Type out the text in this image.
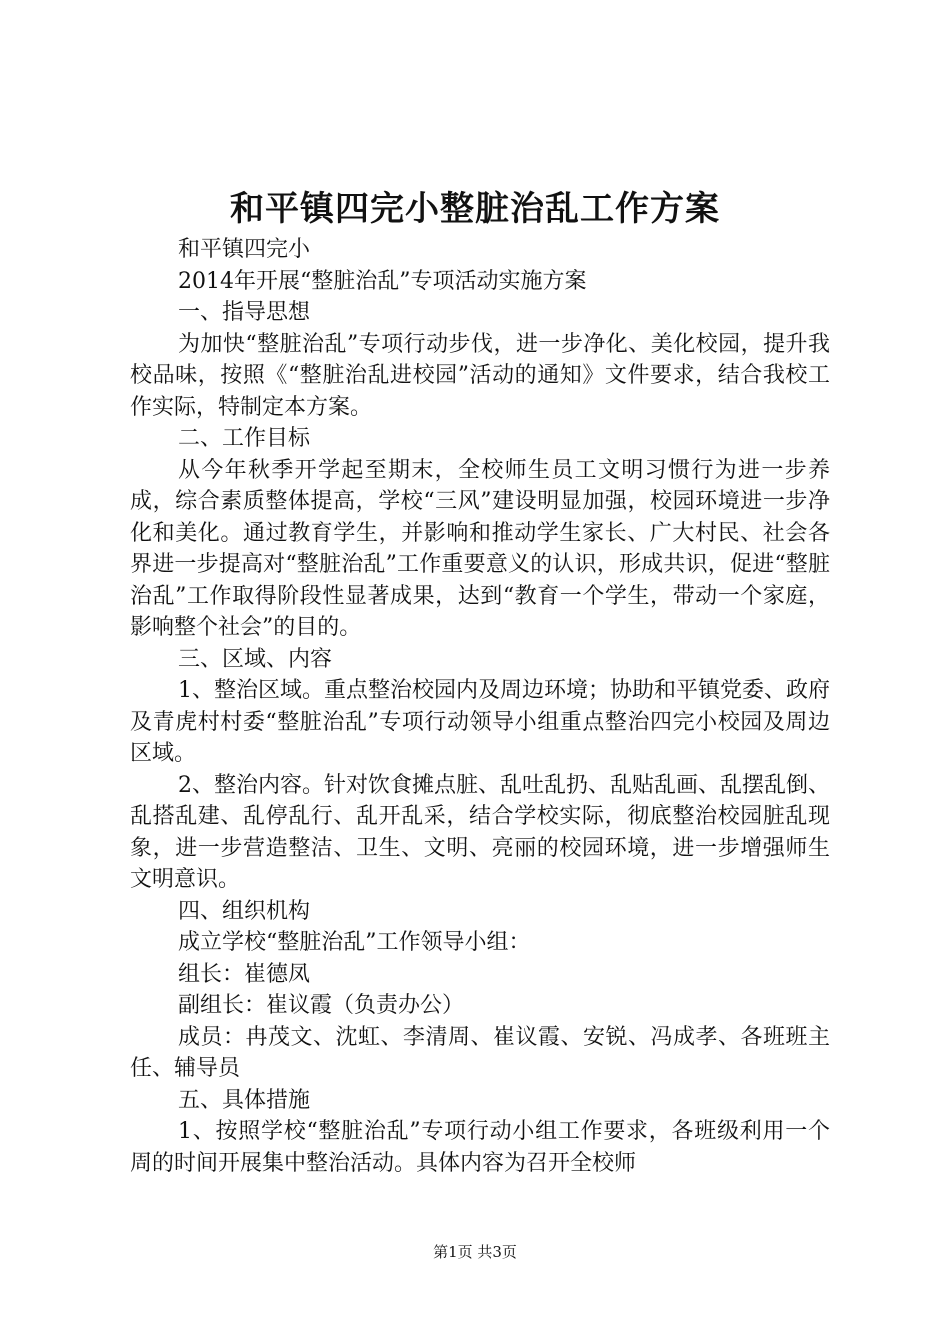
和平镇四完小整脏治乱工作方案

和平镇四完小

2014年开展“整脏治乱”专项活动实施方案

一、指导思想

为加快“整脏治乱”专项行动步伐，进一步净化、美化校园，提升我校品味，按照《“整脏治乱进校园”活动的通知》文件要求，结合我校工作实际，特制定本方案。

二、工作目标

从今年秋季开学起至期末，全校师生员工文明习惯行为进一步养成，综合素质整体提高，学校“三风”建设明显加强，校园环境进一步净化和美化。通过教育学生，并影响和推动学生家长、广大村民、社会各界进一步提高对“整脏治乱”工作重要意义的认识，形成共识，促进“整脏治乱”工作取得阶段性显著成果，达到“教育一个学生，带动一个家庭，影响整个社会”的目的。

三、区域、内容

1、整治区域。重点整治校园内及周边环境；协助和平镇党委、政府及青虎村村委“整脏治乱”专项行动领导小组重点整治四完小校园及周边区域。

2、整治内容。针对饮食摊点脏、乱吐乱扔、乱贴乱画、乱摆乱倒、乱搭乱建、乱停乱行、乱开乱采，结合学校实际，彻底整治校园脏乱现象，进一步营造整洁、卫生、文明、亮丽的校园环境，进一步增强师生文明意识。

四、组织机构

成立学校“整脏治乱”工作领导小组：

组长：崔德凤

副组长：崔议霞（负责办公）

成员：冉茂文、沈虹、李清周、崔议霞、安锐、冯成孝、各班班主任、辅导员

五、具体措施

1、按照学校“整脏治乱”专项行动小组工作要求，各班级利用一个周的时间开展集中整治活动。具体内容为召开全校师

第1页 共3页
